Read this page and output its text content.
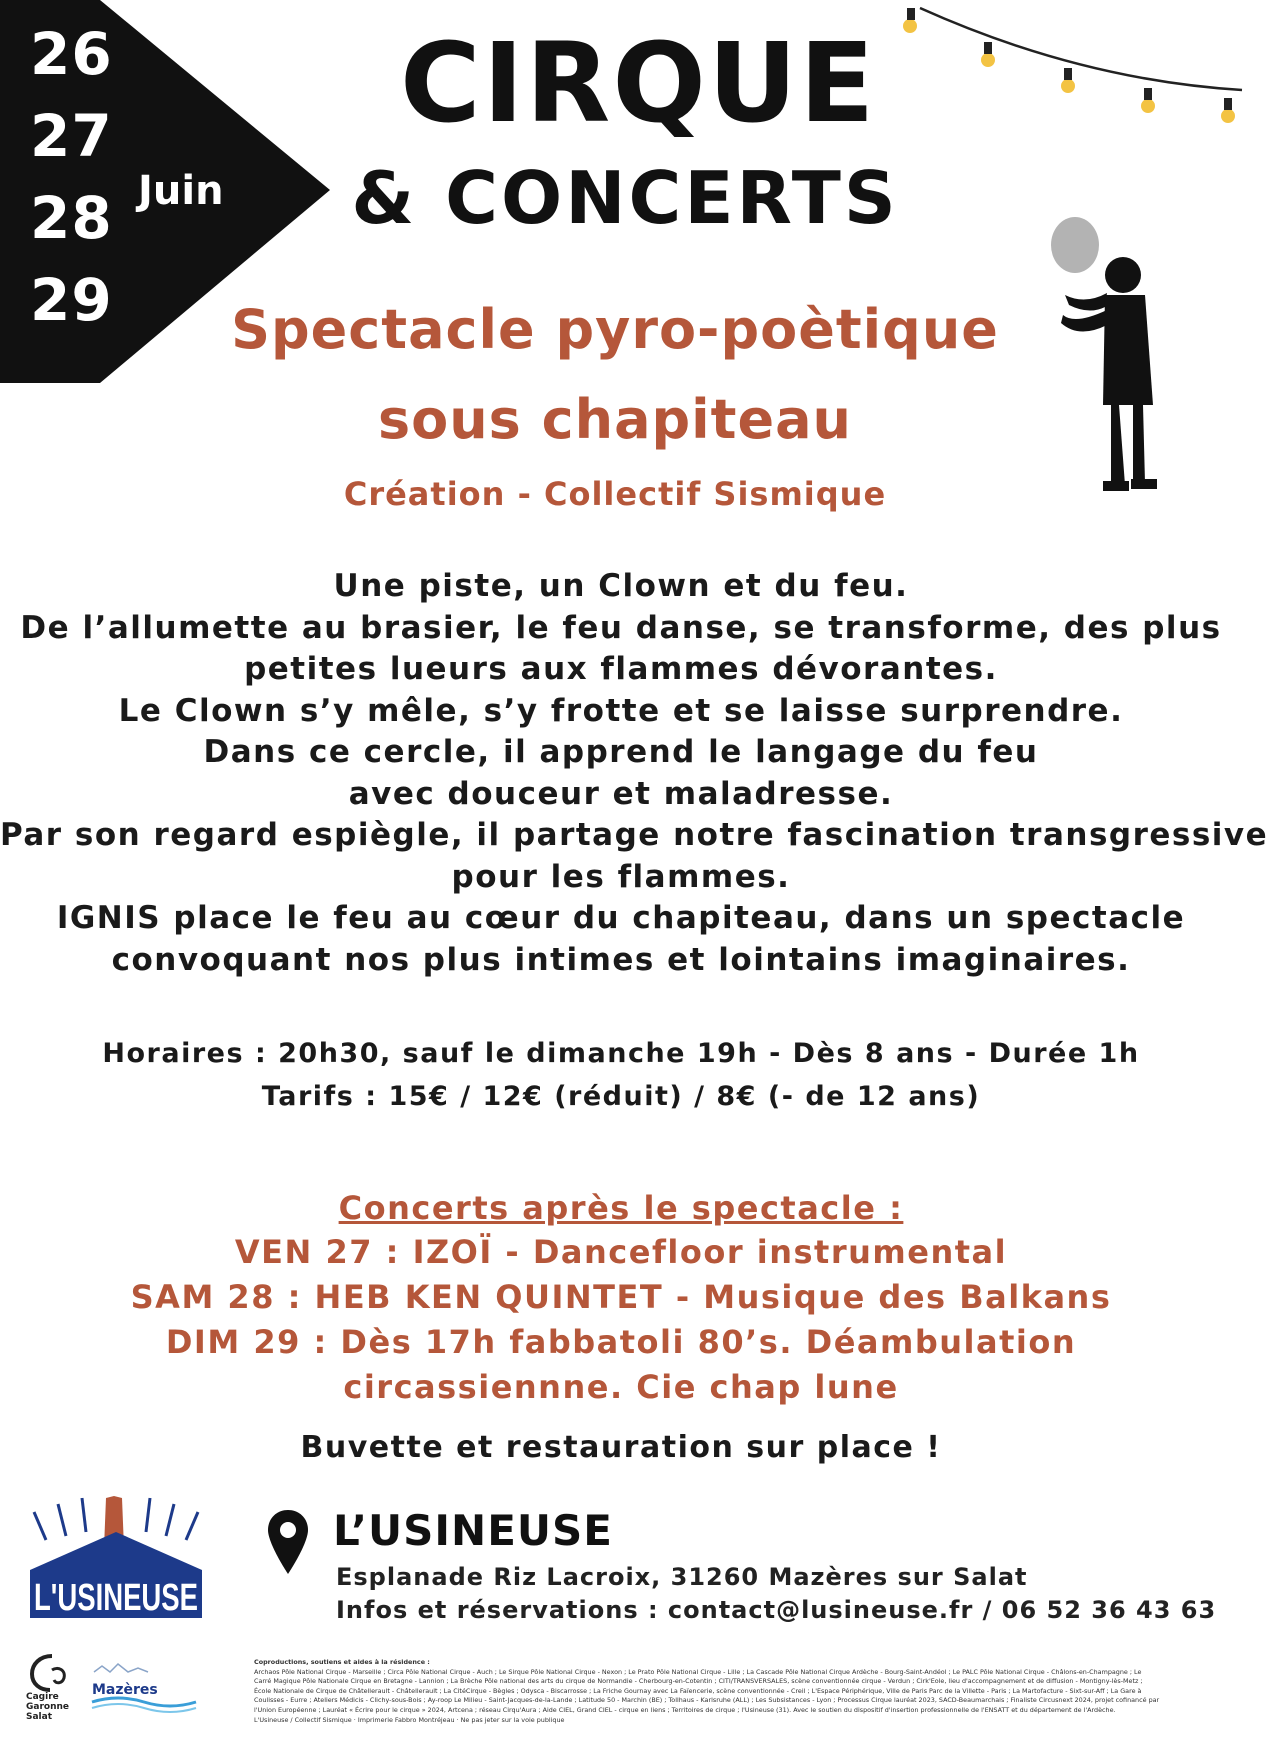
26
27
28
29
Juin
CIRQUE
& CONCERTS
Spectacle pyro-poètique
sous chapiteau
Création - Collectif Sismique
Une piste, un Clown et du feu.
De l’allumette au brasier, le feu danse, se transforme, des plus
petites lueurs aux flammes dévorantes.
Le Clown s’y mêle, s’y frotte et se laisse surprendre.
Dans ce cercle, il apprend le langage du feu
avec douceur et maladresse.
Par son regard espiègle, il partage notre fascination transgressive
pour les flammes.
IGNIS place le feu au cœur du chapiteau, dans un spectacle
convoquant nos plus intimes et lointains imaginaires.
Horaires : 20h30, sauf le dimanche 19h - Dès 8 ans - Durée 1h
Tarifs : 15€ / 12€ (réduit) / 8€ (- de 12 ans)
Concerts après le spectacle :
VEN 27 : IZOÏ - Dancefloor instrumental
SAM 28 : HEB KEN QUINTET - Musique des Balkans
DIM 29 : Dès 17h fabbatoli 80’s. Déambulation
circassiennne. Cie chap lune
Buvette et restauration sur place !
L'USINEUSE
L’USINEUSE
Esplanade Riz Lacroix, 31260 Mazères sur Salat
Infos et réservations : contact@lusineuse.fr / 06 52 36 43 63
Cagire
Garonne
Salat
Mazères
Coproductions, soutiens et aides à la résidence :
Archaos Pôle National Cirque - Marseille ; Circa Pôle National Cirque - Auch ; Le Sirque Pôle National Cirque - Nexon ; Le Prato Pôle National Cirque - Lille ; La Cascade Pôle National Cirque Ardèche - Bourg-Saint-Andéol ; Le PALC Pôle National Cirque - Châlons-en-Champagne ; Le
Carré Magique Pôle Nationale Cirque en Bretagne - Lannion ; La Brèche Pôle national des arts du cirque de Normandie - Cherbourg-en-Cotentin ; CITI/TRANSVERSALES, scène conventionnée cirque - Verdun ; Cirk'Eole, lieu d'accompagnement et de diffusion - Montigny-lès-Metz ;
École Nationale de Cirque de Châtellerault - Châtellerault ; La CitéCirque - Bègles ; Odysca - Biscarrosse ; La Friche Gournay avec La Faïencerie, scène conventionnée - Creil ; L'Espace Périphérique, Ville de Paris Parc de la Villette - Paris ; La Martofacture - Sixt-sur-Aff ; La Gare à
Coulisses - Eurre ; Ateliers Médicis - Clichy-sous-Bois ; Ay-roop Le Milieu - Saint-Jacques-de-la-Lande ; Latitude 50 - Marchin (BE) ; Tollhaus - Karlsruhe (ALL) ; Les Subsistances - Lyon ; Processus Cirque lauréat 2023, SACD-Beaumarchais ; Finaliste Circusnext 2024, projet cofinancé par
l'Union Européenne ; Lauréat « Écrire pour le cirque » 2024, Artcena ; réseau Cirqu'Aura ; Aide CIEL, Grand CIEL - cirque en liens ; Territoires de cirque ; l'Usineuse (31). Avec le soutien du dispositif d'insertion professionnelle de l'ENSATT et du département de l'Ardèche.
L'Usineuse / Collectif Sismique · Imprimerie Fabbro Montréjeau · Ne pas jeter sur la voie publique
